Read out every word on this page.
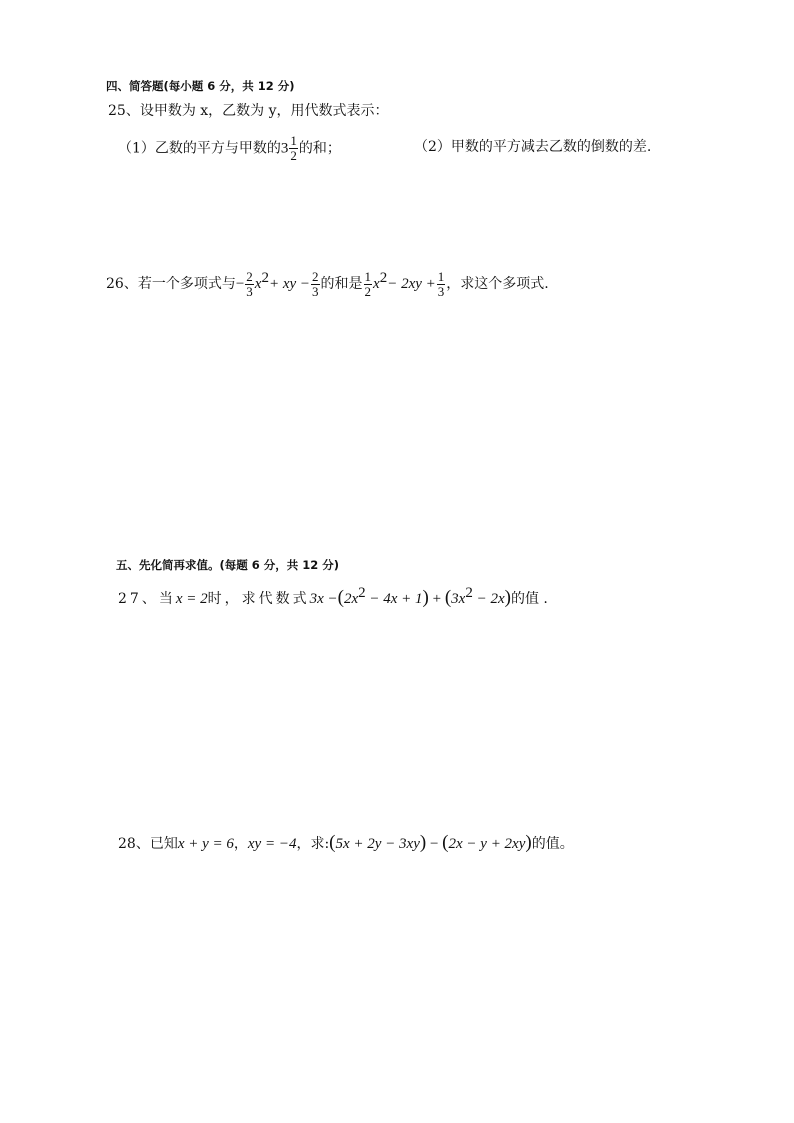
四、简答题(每小题 6 分，共 12 分)
25、设甲数为 x，乙数为 y，用代数式表示：
（1）乙数的平方与甲数的$3 \frac{1}{2}$ 的和；	（2）甲数的平方减去乙数的倒数的差.
26、若一个多项式与− $\frac{2}{3} x^2+$ xy − $\frac{2}{3}$ 的和是 $\frac{1}{2} x^2- 2xy + \frac{1}{3}$ ，求这个多项式.
五、先化简再求值。(每题 6 分，共 12 分)
27、当x = 2时，求代数式$3x -(2x^2 - 4x + 1) + (3x^2 - 2x)$的值 .
28、已知x + y = 6，xy = −4，求:(5x + 2y − 3xy) − (2x − y + 2xy)的值。
